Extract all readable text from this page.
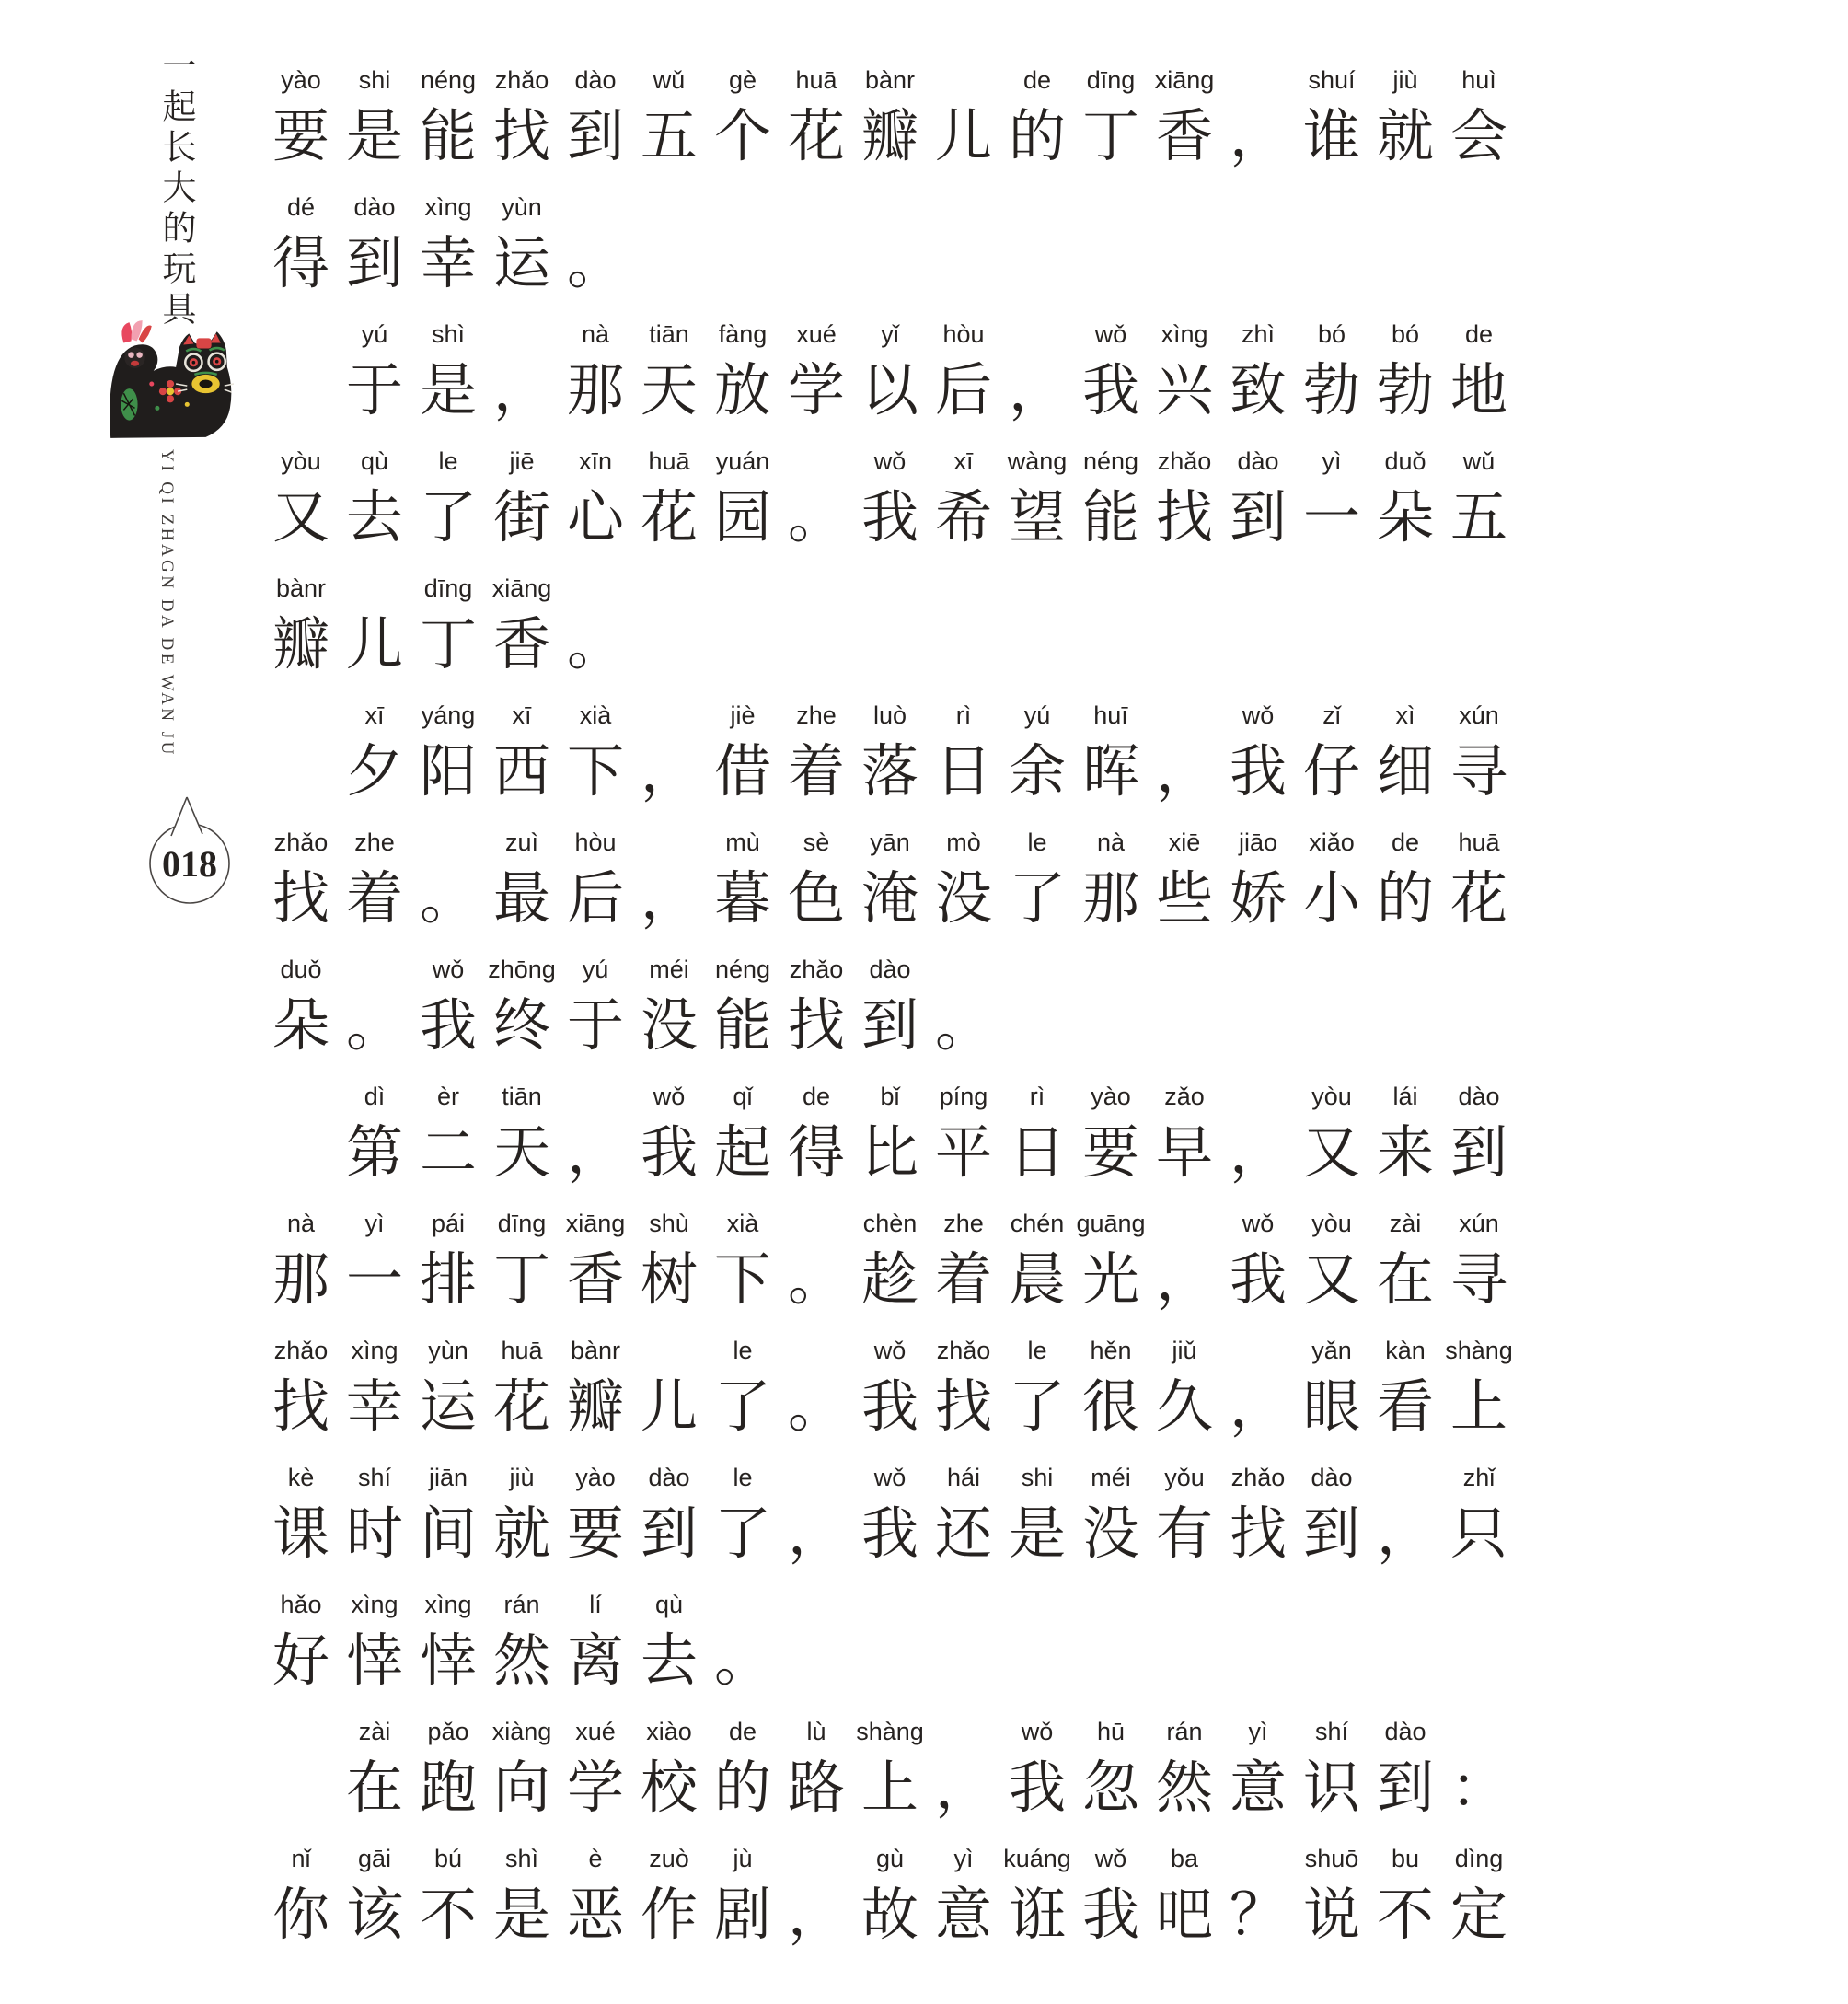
一起长大的玩具
YI QI ZHAGN DA DE WAN JU
018
yào
要
shi
是
néng
能
zhǎo
找
dào
到
wǔ
五
gè
个
huā
花
bànr
瓣 儿
de
的
dīng
丁
xiāng
香 ，
shuí
谁
jiù
就
huì
会
dé
得
dào
到
xìng
幸
yùn
运 。
yú
于
shì
是 ，
nà
那
tiān
天
fàng
放
xué
学
yǐ
以
hòu
后 ，
wǒ
我
xìng
兴
zhì
致
bó
勃
bó
勃
de
地
yòu
又
qù
去
le
了
jiē
街
xīn
心
huā
花
yuán
园 。
wǒ
我
xī
希
wàng
望
néng
能
zhǎo
找
dào
到
yì
一
duǒ
朵
wǔ
五
bànr
瓣 儿
dīng
丁
xiāng
香 。
xī
夕
yáng
阳
xī
西
xià
下 ，
jiè
借
zhe
着
luò
落
rì
日
yú
余
huī
晖 ，
wǒ
我
zǐ
仔
xì
细
xún
寻
zhǎo
找
zhe
着 。
zuì
最
hòu
后 ，
mù
暮
sè
色
yān
淹
mò
没
le
了
nà
那
xiē
些
jiāo
娇
xiǎo
小
de
的
huā
花
duǒ
朵 。
wǒ
我
zhōng
终
yú
于
méi
没
néng
能
zhǎo
找
dào
到 。
dì
第
èr
二
tiān
天 ，
wǒ
我
qǐ
起
de
得
bǐ
比
píng
平
rì
日
yào
要
zǎo
早 ，
yòu
又
lái
来
dào
到
nà
那
yì
一
pái
排
dīng
丁
xiāng
香
shù
树
xià
下 。
chèn
趁
zhe
着
chén
晨
guāng
光 ，
wǒ
我
yòu
又
zài
在
xún
寻
zhǎo
找
xìng
幸
yùn
运
huā
花
bànr
瓣 儿
le
了 。
wǒ
我
zhǎo
找
le
了
hěn
很
jiǔ
久 ，
yǎn
眼
kàn
看
shàng
上
kè
课
shí
时
jiān
间
jiù
就
yào
要
dào
到
le
了 ，
wǒ
我
hái
还
shi
是
méi
没
yǒu
有
zhǎo
找
dào
到 ，
zhǐ
只
hǎo
好
xìng
悻
xìng
悻
rán
然
lí
离
qù
去 。
zài
在
pǎo
跑
xiàng
向
xué
学
xiào
校
de
的
lù
路
shàng
上 ，
wǒ
我
hū
忽
rán
然
yì
意
shí
识
dào
到 ：
nǐ
你
gāi
该
bú
不
shì
是
è
恶
zuò
作
jù
剧 ，
gù
故
yì
意
kuáng
诳
wǒ
我
ba
吧 ？
shuō
说
bu
不
dìng
定
